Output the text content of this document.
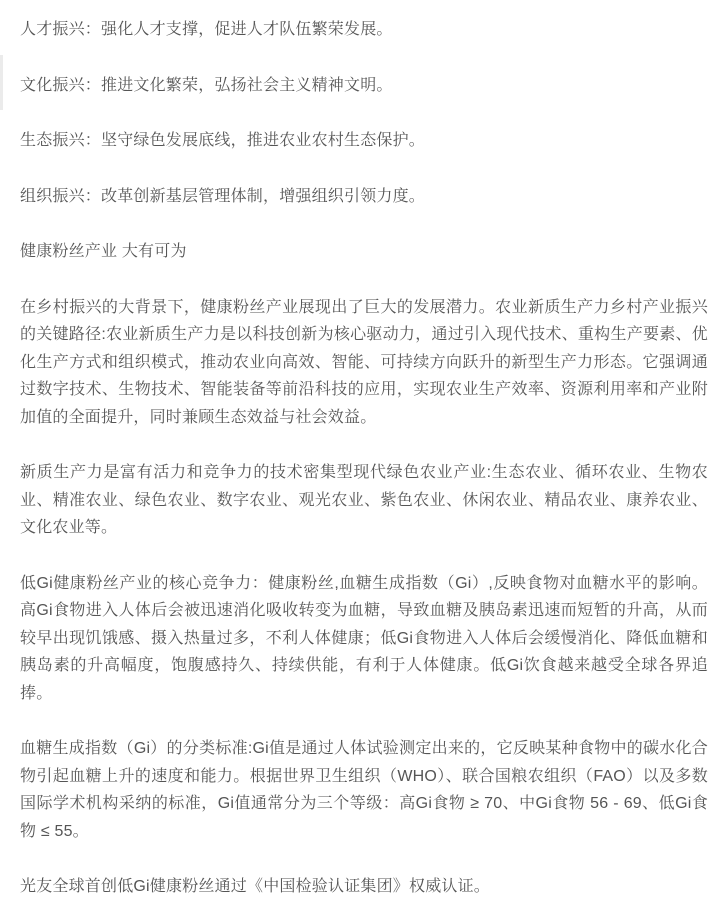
人才振兴：强化人才支撑，促进人才队伍繁荣发展。

文化振兴：推进文化繁荣，弘扬社会主义精神文明。

生态振兴：坚守绿色发展底线，推进农业农村生态保护。

组织振兴：改革创新基层管理体制，增强组织引领力度。

健康粉丝产业 大有可为

在乡村振兴的大背景下，健康粉丝产业展现出了巨大的发展潜力。农业新质生产力乡村产业振兴的关键路径:农业新质生产力是以科技创新为核心驱动力，通过引入现代技术、重构生产要素、优化生产方式和组织模式，推动农业向高效、智能、可持续方向跃升的新型生产力形态。它强调通过数字技术、生物技术、智能装备等前沿科技的应用，实现农业生产效率、资源利用率和产业附加值的全面提升，同时兼顾生态效益与社会效益。

新质生产力是富有活力和竞争力的技术密集型现代绿色农业产业:生态农业、循环农业、生物农业、精准农业、绿色农业、数字农业、观光农业、紫色农业、休闲农业、精品农业、康养农业、文化农业等。

低Gi健康粉丝产业的核心竞争力：健康粉丝,血糖生成指数（Gi）,反映食物对血糖水平的影响。高Gi食物进入人体后会被迅速消化吸收转变为血糖，导致血糖及胰岛素迅速而短暂的升高，从而较早出现饥饿感、摄入热量过多，不利人体健康；低Gi食物进入人体后会缓慢消化、降低血糖和胰岛素的升高幅度，饱腹感持久、持续供能，有利于人体健康。低Gi饮食越来越受全球各界追捧。

血糖生成指数（Gi）的分类标准:Gi值是通过人体试验测定出来的，它反映某种食物中的碳水化合物引起血糖上升的速度和能力。根据世界卫生组织（WHO）、联合国粮农组织（FAO）以及多数国际学术机构采纳的标准，Gi值通常分为三个等级：高Gi食物 ≥ 70、中Gi食物 56 - 69、低Gi食物 ≤ 55。

光友全球首创低Gi健康粉丝通过《中国检验认证集团》权威认证。
